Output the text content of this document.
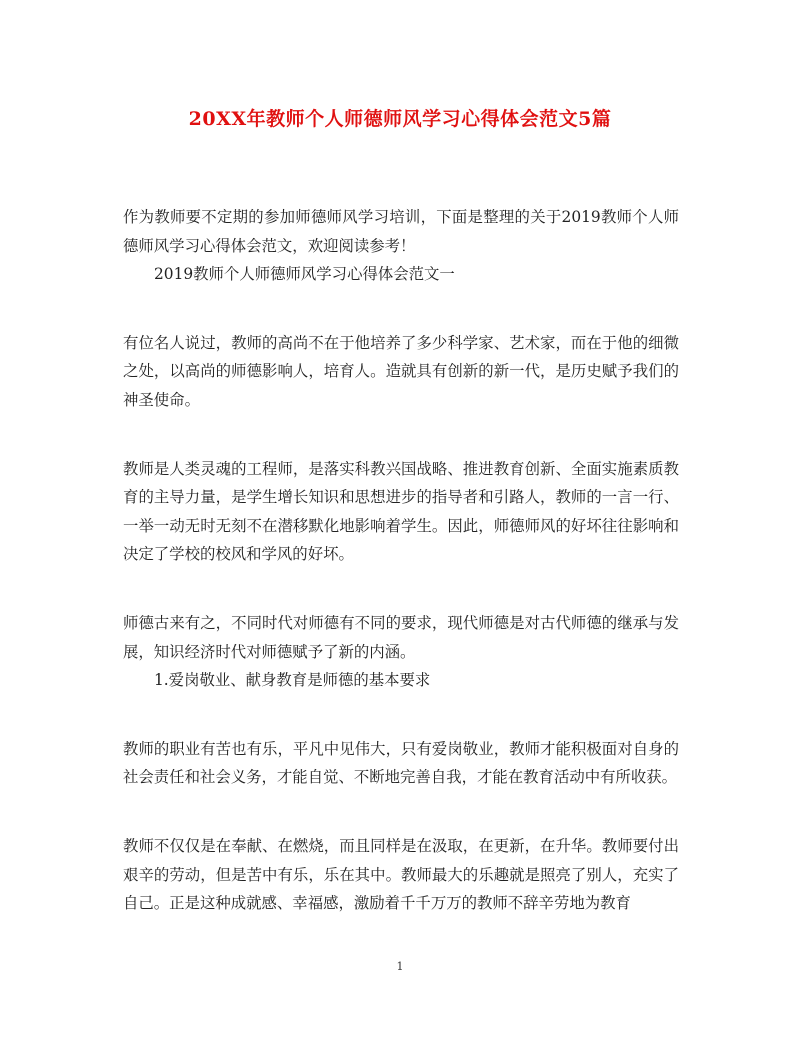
20XX年教师个人师德师风学习心得体会范文5篇

作为教师要不定期的参加师德师风学习培训，下面是整理的关于2019教师个人师德师风学习心得体会范文，欢迎阅读参考！

2019教师个人师德师风学习心得体会范文一

有位名人说过，教师的高尚不在于他培养了多少科学家、艺术家，而在于他的细微之处，以高尚的师德影响人，培育人。造就具有创新的新一代，是历史赋予我们的神圣使命。

教师是人类灵魂的工程师，是落实科教兴国战略、推进教育创新、全面实施素质教育的主导力量，是学生增长知识和思想进步的指导者和引路人，教师的一言一行、一举一动无时无刻不在潜移默化地影响着学生。因此，师德师风的好坏往往影响和决定了学校的校风和学风的好坏。

师德古来有之，不同时代对师德有不同的要求，现代师德是对古代师德的继承与发展，知识经济时代对师德赋予了新的内涵。

1.爱岗敬业、献身教育是师德的基本要求

教师的职业有苦也有乐，平凡中见伟大，只有爱岗敬业，教师才能积极面对自身的社会责任和社会义务，才能自觉、不断地完善自我，才能在教育活动中有所收获。

教师不仅仅是在奉献、在燃烧，而且同样是在汲取，在更新，在升华。教师要付出艰辛的劳动，但是苦中有乐，乐在其中。教师最大的乐趣就是照亮了别人，充实了自己。正是这种成就感、幸福感，激励着千千万万的教师不辞辛劳地为教育

1
